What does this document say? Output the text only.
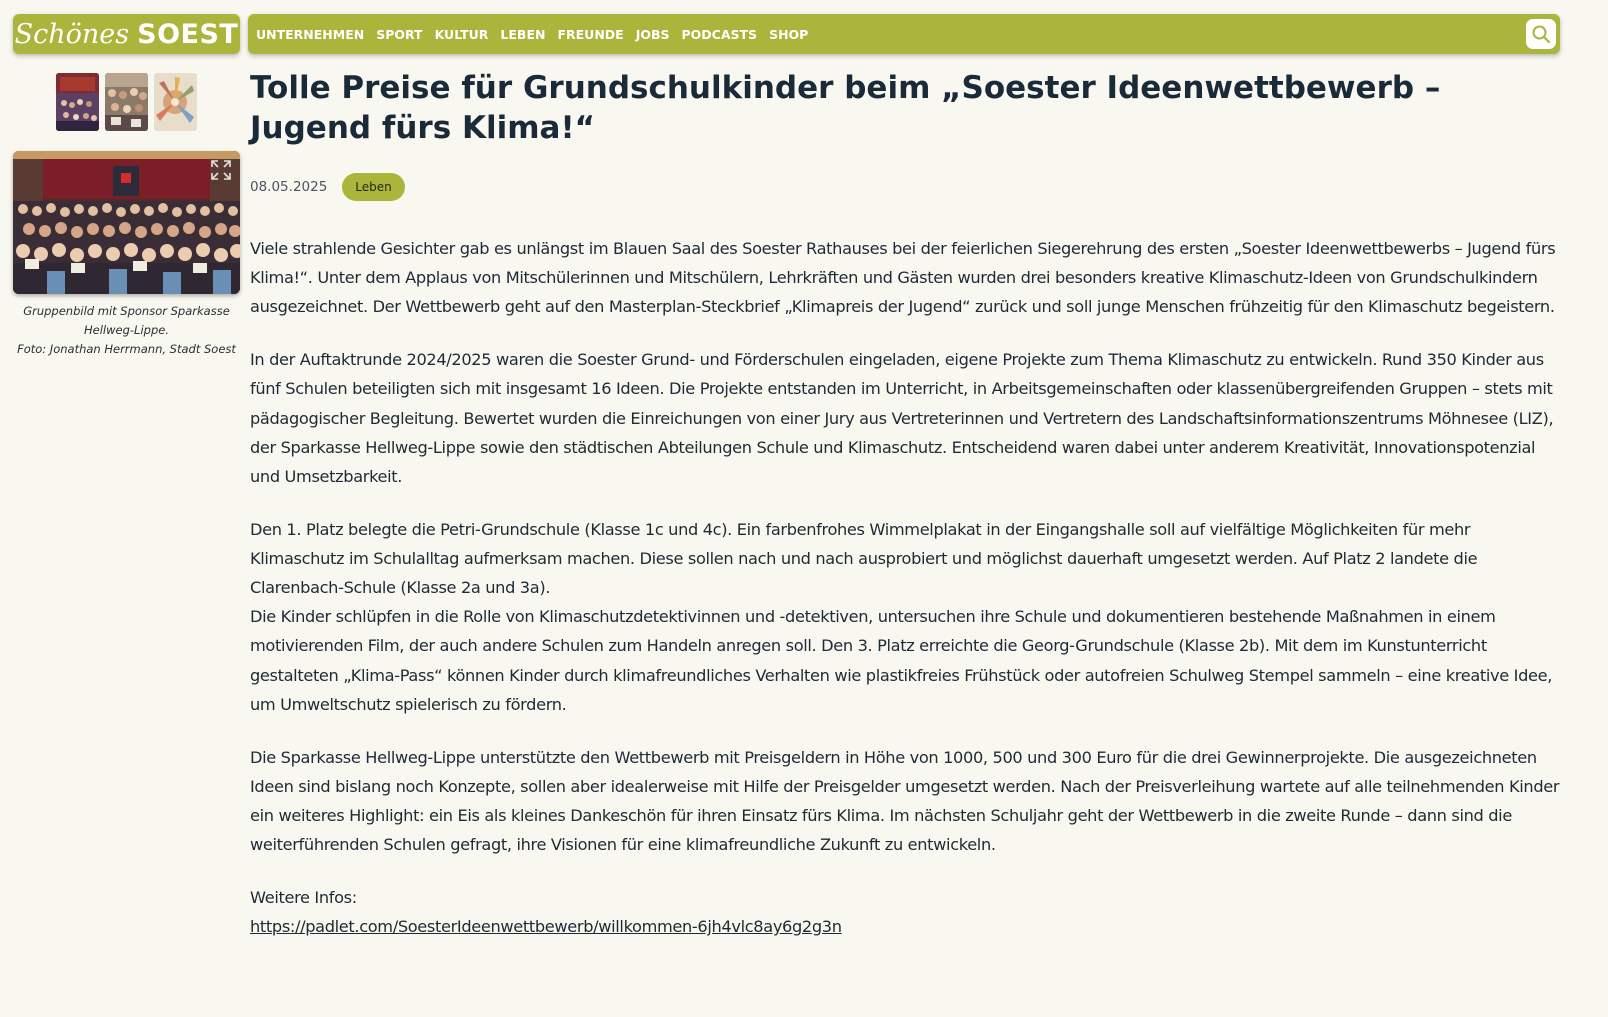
Schönes SOEST UNTERNEHMEN SPORT KULTUR LEBEN FREUNDE JOBS PODCASTS SHOP
Gruppenbild mit Sponsor Sparkasse
Hellweg-Lippe.
Foto: Jonathan Herrmann, Stadt Soest
Tolle Preise für Grundschulkinder beim „Soester Ideenwettbewerb – Jugend fürs Klima!“
08.05.2025	Leben

Viele strahlende Gesichter gab es unlängst im Blauen Saal des Soester Rathauses bei der feierlichen Siegerehrung des ersten „Soester Ideenwettbewerbs – Jugend fürs Klima!“. Unter dem Applaus von Mitschülerinnen und Mitschülern, Lehrkräften und Gästen wurden drei besonders kreative Klimaschutz-Ideen von Grundschulkindern ausgezeichnet. Der Wettbewerb geht auf den Masterplan-Steckbrief „Klimapreis der Jugend“ zurück und soll junge Menschen frühzeitig für den Klimaschutz begeistern.

In der Auftaktrunde 2024/2025 waren die Soester Grund- und Förderschulen eingeladen, eigene Projekte zum Thema Klimaschutz zu entwickeln. Rund 350 Kinder aus fünf Schulen beteiligten sich mit insgesamt 16 Ideen. Die Projekte entstanden im Unterricht, in Arbeitsgemeinschaften oder klassenübergreifenden Gruppen – stets mit pädagogischer Begleitung. Bewertet wurden die Einreichungen von einer Jury aus Vertreterinnen und Vertretern des Landschaftsinformationszentrums Möhnesee (LIZ), der Sparkasse Hellweg-Lippe sowie den städtischen Abteilungen Schule und Klimaschutz. Entscheidend waren dabei unter anderem Kreativität, Innovationspotenzial und Umsetzbarkeit.

Den 1. Platz belegte die Petri-Grundschule (Klasse 1c und 4c). Ein farbenfrohes Wimmelplakat in der Eingangshalle soll auf vielfältige Möglichkeiten für mehr Klimaschutz im Schulalltag aufmerksam machen. Diese sollen nach und nach ausprobiert und möglichst dauerhaft umgesetzt werden. Auf Platz 2 landete die Clarenbach-Schule (Klasse 2a und 3a).

Die Kinder schlüpfen in die Rolle von Klimaschutzdetektivinnen und -detektiven, untersuchen ihre Schule und dokumentieren bestehende Maßnahmen in einem motivierenden Film, der auch andere Schulen zum Handeln anregen soll. Den 3. Platz erreichte die Georg-Grundschule (Klasse 2b). Mit dem im Kunstunterricht gestalteten „Klima-Pass“ können Kinder durch klimafreundliches Verhalten wie plastikfreies Frühstück oder autofreien Schulweg Stempel sammeln – eine kreative Idee, um Umweltschutz spielerisch zu fördern.

Die Sparkasse Hellweg-Lippe unterstützte den Wettbewerb mit Preisgeldern in Höhe von 1000, 500 und 300 Euro für die drei Gewinnerprojekte. Die ausgezeichneten Ideen sind bislang noch Konzepte, sollen aber idealerweise mit Hilfe der Preisgelder umgesetzt werden. Nach der Preisverleihung wartete auf alle teilnehmenden Kinder ein weiteres Highlight: ein Eis als kleines Dankeschön für ihren Einsatz fürs Klima. Im nächsten Schuljahr geht der Wettbewerb in die zweite Runde – dann sind die weiterführenden Schulen gefragt, ihre Visionen für eine klimafreundliche Zukunft zu entwickeln.

Weitere Infos:

https://padlet.com/SoesterIdeenwettbewerb/willkommen-6jh4vlc8ay6g2g3n
